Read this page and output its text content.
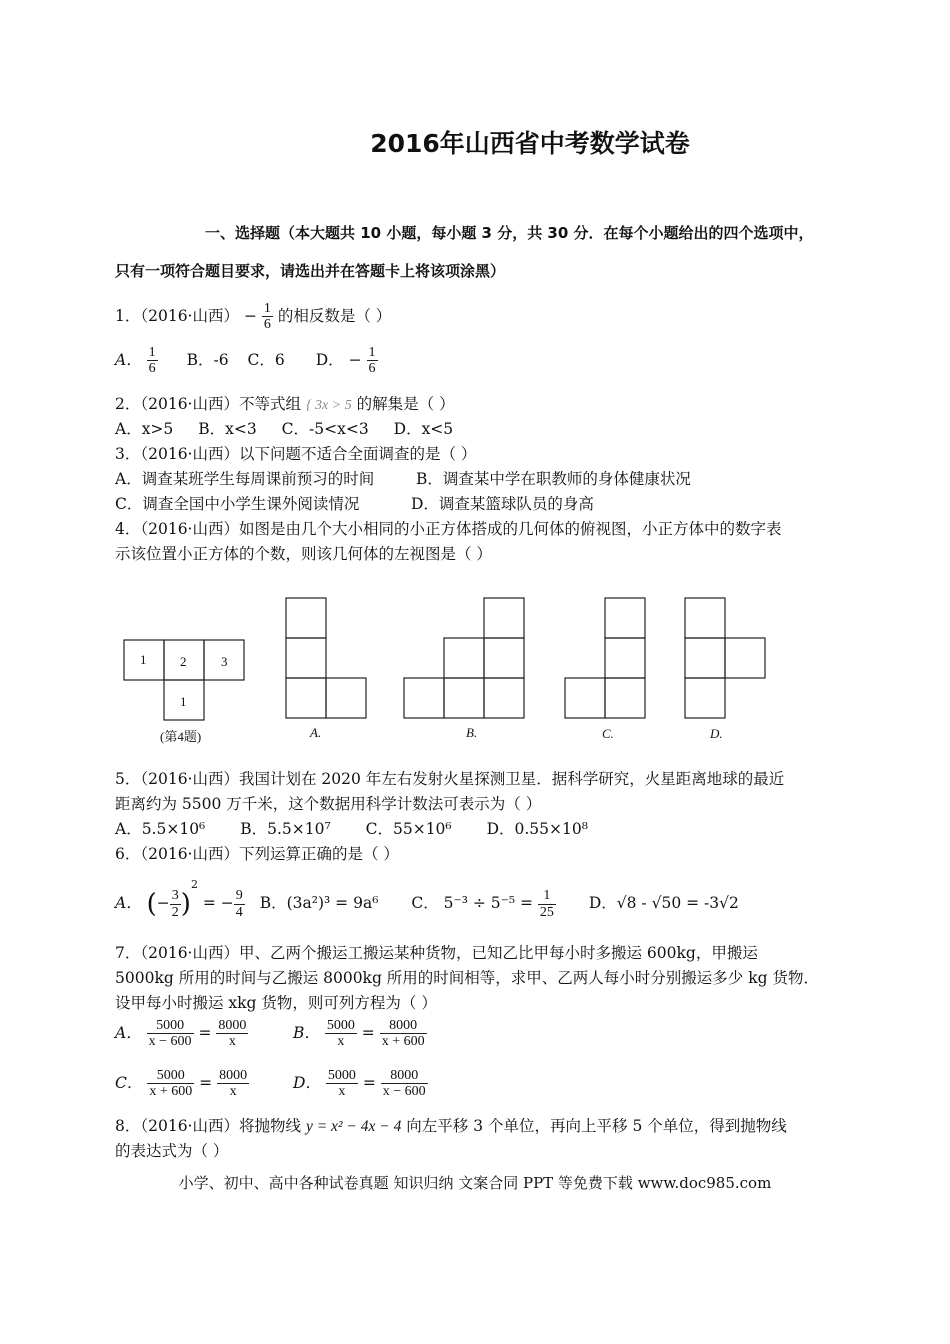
2016年山西省中考数学试卷
一、选择题（本大题共 10 小题，每小题 3 分，共 30 分．在每个小题给出的四个选项中，
只有一项符合题目要求，请选出并在答题卡上将该项涂黑）
1．（2016·山西） − $\frac{1}{6}$ 的相反数是（ ）
A． $\frac{1}{6}$ B．-6 C．6 D． − $\frac{1}{6}$
2．（2016·山西）不等式组 { 3x > 5 的解集是（ ）
A．x>5 B．x<3 C．-5<x<3 D．x<5
3．（2016·山西）以下问题不适合全面调查的是（ ）
A．调查某班学生每周课前预习的时间	B．调查某中学在职教师的身体健康状况
C．调查全国中小学生课外阅读情况	D．调查某篮球队员的身高
4．（2016·山西）如图是由几个大小相同的小正方体搭成的几何体的俯视图，小正方体中的数字表
示该位置小正方体的个数，则该几何体的左视图是（ ）
1	2	3
1
(第4题)	A.	B.	C.	D.
5．（2016·山西）我国计划在 2020 年左右发射火星探测卫星．据科学研究，火星距离地球的最近
距离约为 5500 万千米，这个数据用科学计数法可表示为（ ）
A．5.5×10⁶ B．5.5×10⁷ C．55×10⁶ D．0.55×10⁸
6．（2016·山西）下列运算正确的是（ ）
A． (− $\frac{3}{2} )^2$ = − $\frac{9}{4}$ B．(3a²)³ = 9a⁶ C． $5^{-3} \div 5^{-5} = \frac{1}{25}$ D．√8 - √50 = -3√2
7．（2016·山西）甲、乙两个搬运工搬运某种货物，已知乙比甲每小时多搬运 600kg，甲搬运
5000kg 所用的时间与乙搬运 8000kg 所用的时间相等，求甲、乙两人每小时分别搬运多少 kg 货物．
设甲每小时搬运 xkg 货物，则可列方程为（ ）
A． $\frac{5000}{x - 600} = \frac{8000}{x}$	B． $\frac{5000}{x} = \frac{8000}{x + 600}$
C． $\frac{5000}{x + 600} = \frac{8000}{x}$	D． $\frac{5000}{x} = \frac{8000}{x - 600}$
8．（2016·山西）将抛物线 y = x² − 4x − 4 向左平移 3 个单位，再向上平移 5 个单位，得到抛物线
的表达式为（ ）
小学、初中、高中各种试卷真题 知识归纳 文案合同 PPT 等免费下载 www.doc985.com
